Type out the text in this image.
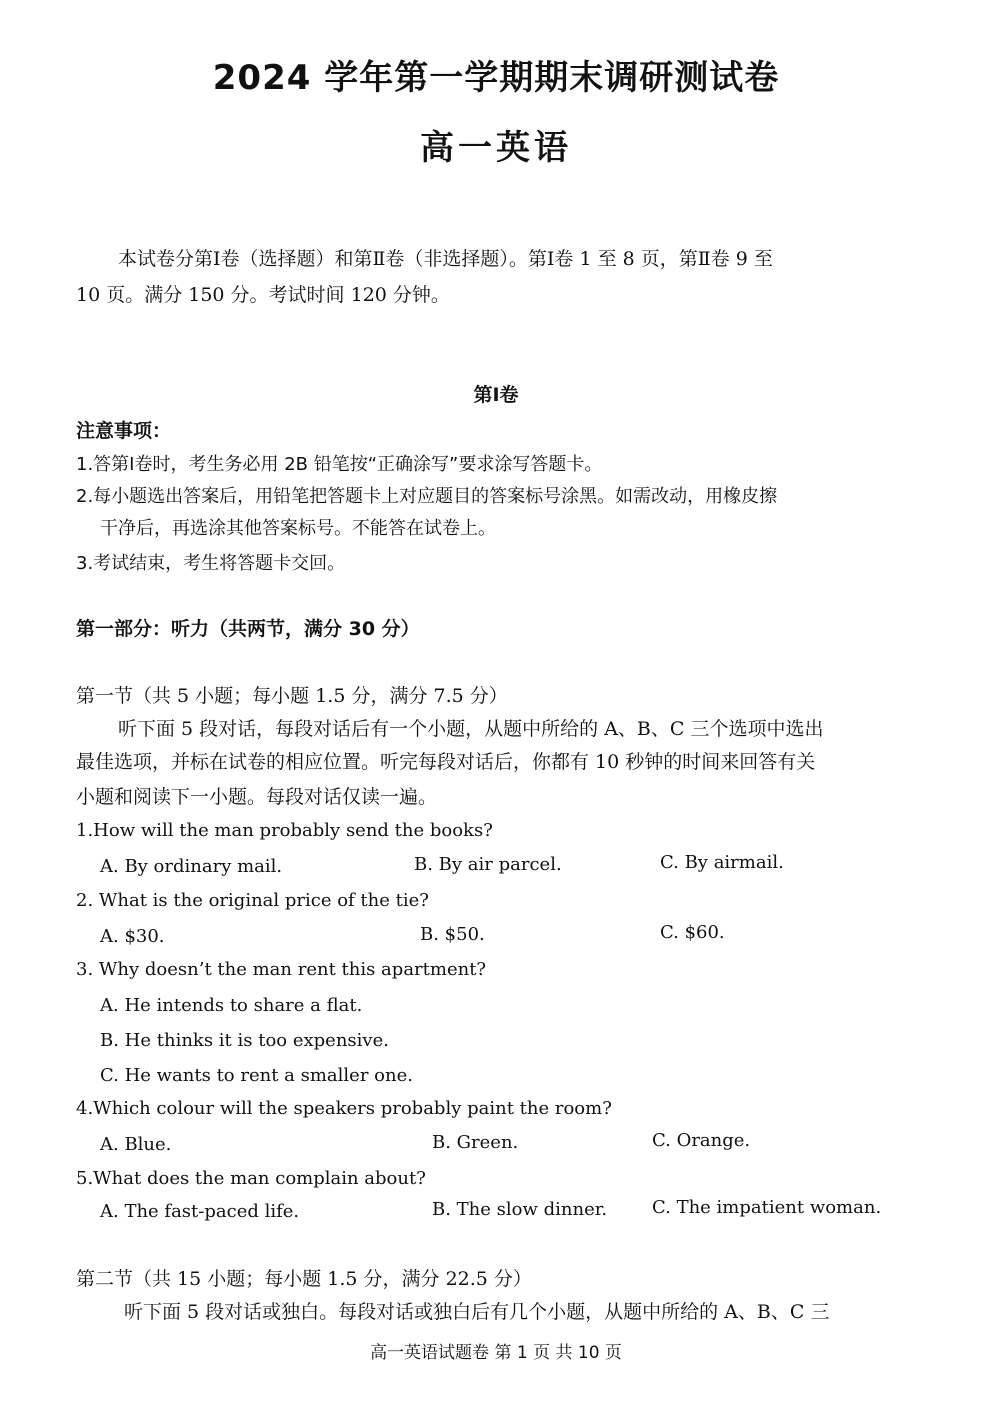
2024 学年第一学期期末调研测试卷
高一英语
本试卷分第Ⅰ卷（选择题）和第Ⅱ卷（非选择题）。第Ⅰ卷 1 至 8 页，第Ⅱ卷 9 至
10 页。满分 150 分。考试时间 120 分钟。
第Ⅰ卷
注意事项：
1.答第Ⅰ卷时，考生务必用 2B 铅笔按“正确涂写”要求涂写答题卡。
2.每小题选出答案后，用铅笔把答题卡上对应题目的答案标号涂黑。如需改动，用橡皮擦
干净后，再选涂其他答案标号。不能答在试卷上。
3.考试结束，考生将答题卡交回。
第一部分：听力（共两节，满分 30 分）
第一节（共 5 小题；每小题 1.5 分，满分 7.5 分）
听下面 5 段对话，每段对话后有一个小题，从题中所给的 A、B、C 三个选项中选出
最佳选项，并标在试卷的相应位置。听完每段对话后，你都有 10 秒钟的时间来回答有关
小题和阅读下一小题。每段对话仅读一遍。
1.How will the man probably send the books?
A. By ordinary mail.	B. By air parcel.	C. By airmail.
2. What is the original price of the tie?
A. $30.	B. $50.	C. $60.
3. Why doesn’t the man rent this apartment?
A. He intends to share a flat.
B. He thinks it is too expensive.
C. He wants to rent a smaller one.
4.Which colour will the speakers probably paint the room?
A. Blue.	B. Green.	C. Orange.
5.What does the man complain about?
A. The fast-paced life.	B. The slow dinner. C. The impatient woman.
第二节（共 15 小题；每小题 1.5 分，满分 22.5 分）
听下面 5 段对话或独白。每段对话或独白后有几个小题，从题中所给的 A、B、C 三
高一英语试题卷 第 1 页 共 10 页
